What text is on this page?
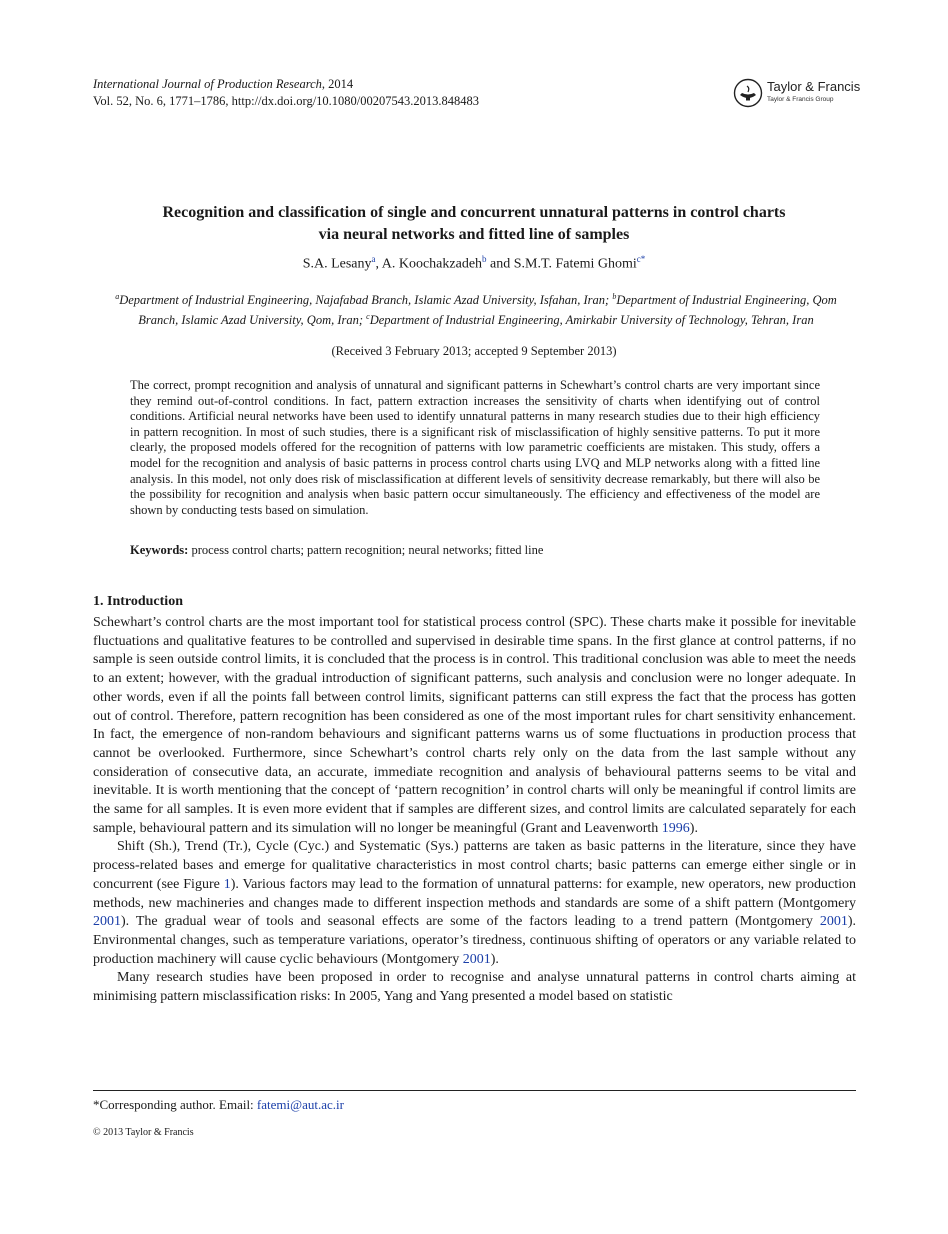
International Journal of Production Research, 2014
Vol. 52, No. 6, 1771–1786, http://dx.doi.org/10.1080/00207543.2013.848483
Taylor & Francis
Taylor & Francis Group
Recognition and classification of single and concurrent unnatural patterns in control charts
via neural networks and fitted line of samples
S.A. Lesany$^a$, A. Koochakzadeh$^b$ and S.M.T. Fatemi Ghomi$^{c*}$
$^a$Department of Industrial Engineering, Najafabad Branch, Islamic Azad University, Isfahan, Iran; $^b$Department of Industrial Engineering, Qom Branch, Islamic Azad University, Qom, Iran; $^c$Department of Industrial Engineering, Amirkabir University of Technology, Tehran, Iran
(Received 3 February 2013; accepted 9 September 2013)
The correct, prompt recognition and analysis of unnatural and significant patterns in Schewhart’s control charts are very important since they remind out-of-control conditions. In fact, pattern extraction increases the sensitivity of charts when identifying out of control conditions. Artificial neural networks have been used to identify unnatural patterns in many research studies due to their high efficiency in pattern recognition. In most of such studies, there is a significant risk of misclassification of highly sensitive patterns. To put it more clearly, the proposed models offered for the recognition of patterns with low parametric coefficients are mistaken. This study, offers a model for the recognition and analysis of basic patterns in process control charts using LVQ and MLP networks along with a fitted line analysis. In this model, not only does risk of misclassification at different levels of sensitivity decrease remarkably, but there will also be the possibility for recognition and analysis when basic pattern occur simultaneously. The efficiency and effectiveness of the model are shown by conducting tests based on simulation.
Keywords: process control charts; pattern recognition; neural networks; fitted line
1. Introduction

Schewhart’s control charts are the most important tool for statistical process control (SPC). These charts make it possible for inevitable fluctuations and qualitative features to be controlled and supervised in desirable time spans. In the first glance at control patterns, if no sample is seen outside control limits, it is concluded that the process is in control. This traditional conclusion was able to meet the needs to an extent; however, with the gradual introduction of significant patterns, such analysis and conclusion were no longer adequate. In other words, even if all the points fall between control limits, significant patterns can still express the fact that the process has gotten out of control. Therefore, pattern recognition has been considered as one of the most important rules for chart sensitivity enhancement. In fact, the emergence of non-random behaviours and significant patterns warns us of some fluctuations in production process that cannot be overlooked. Furthermore, since Schewhart’s control charts rely only on the data from the last sample without any consideration of consecutive data, an accurate, immediate recognition and analysis of behavioural patterns seems to be vital and inevitable. It is worth mentioning that the concept of ‘pattern recognition’ in control charts will only be meaningful if control limits are the same for all samples. It is even more evident that if samples are different sizes, and control limits are calculated separately for each sample, behavioural pattern and its simulation will no longer be meaningful (Grant and Leavenworth 1996).

Shift (Sh.), Trend (Tr.), Cycle (Cyc.) and Systematic (Sys.) patterns are taken as basic patterns in the literature, since they have process-related bases and emerge for qualitative characteristics in most control charts; basic patterns can emerge either single or in concurrent (see Figure 1). Various factors may lead to the formation of unnatural patterns: for example, new operators, new production methods, new machineries and changes made to different inspection methods and standards are some of a shift pattern (Montgomery 2001). The gradual wear of tools and seasonal effects are some of the factors leading to a trend pattern (Montgomery 2001). Environmental changes, such as temperature variations, operator’s tiredness, continuous shifting of operators or any variable related to production machinery will cause cyclic behaviours (Montgomery 2001).

Many research studies have been proposed in order to recognise and analyse unnatural patterns in control charts aiming at minimising pattern misclassification risks: In 2005, Yang and Yang presented a model based on statistic

*Corresponding author. Email: fatemi@aut.ac.ir
© 2013 Taylor & Francis
